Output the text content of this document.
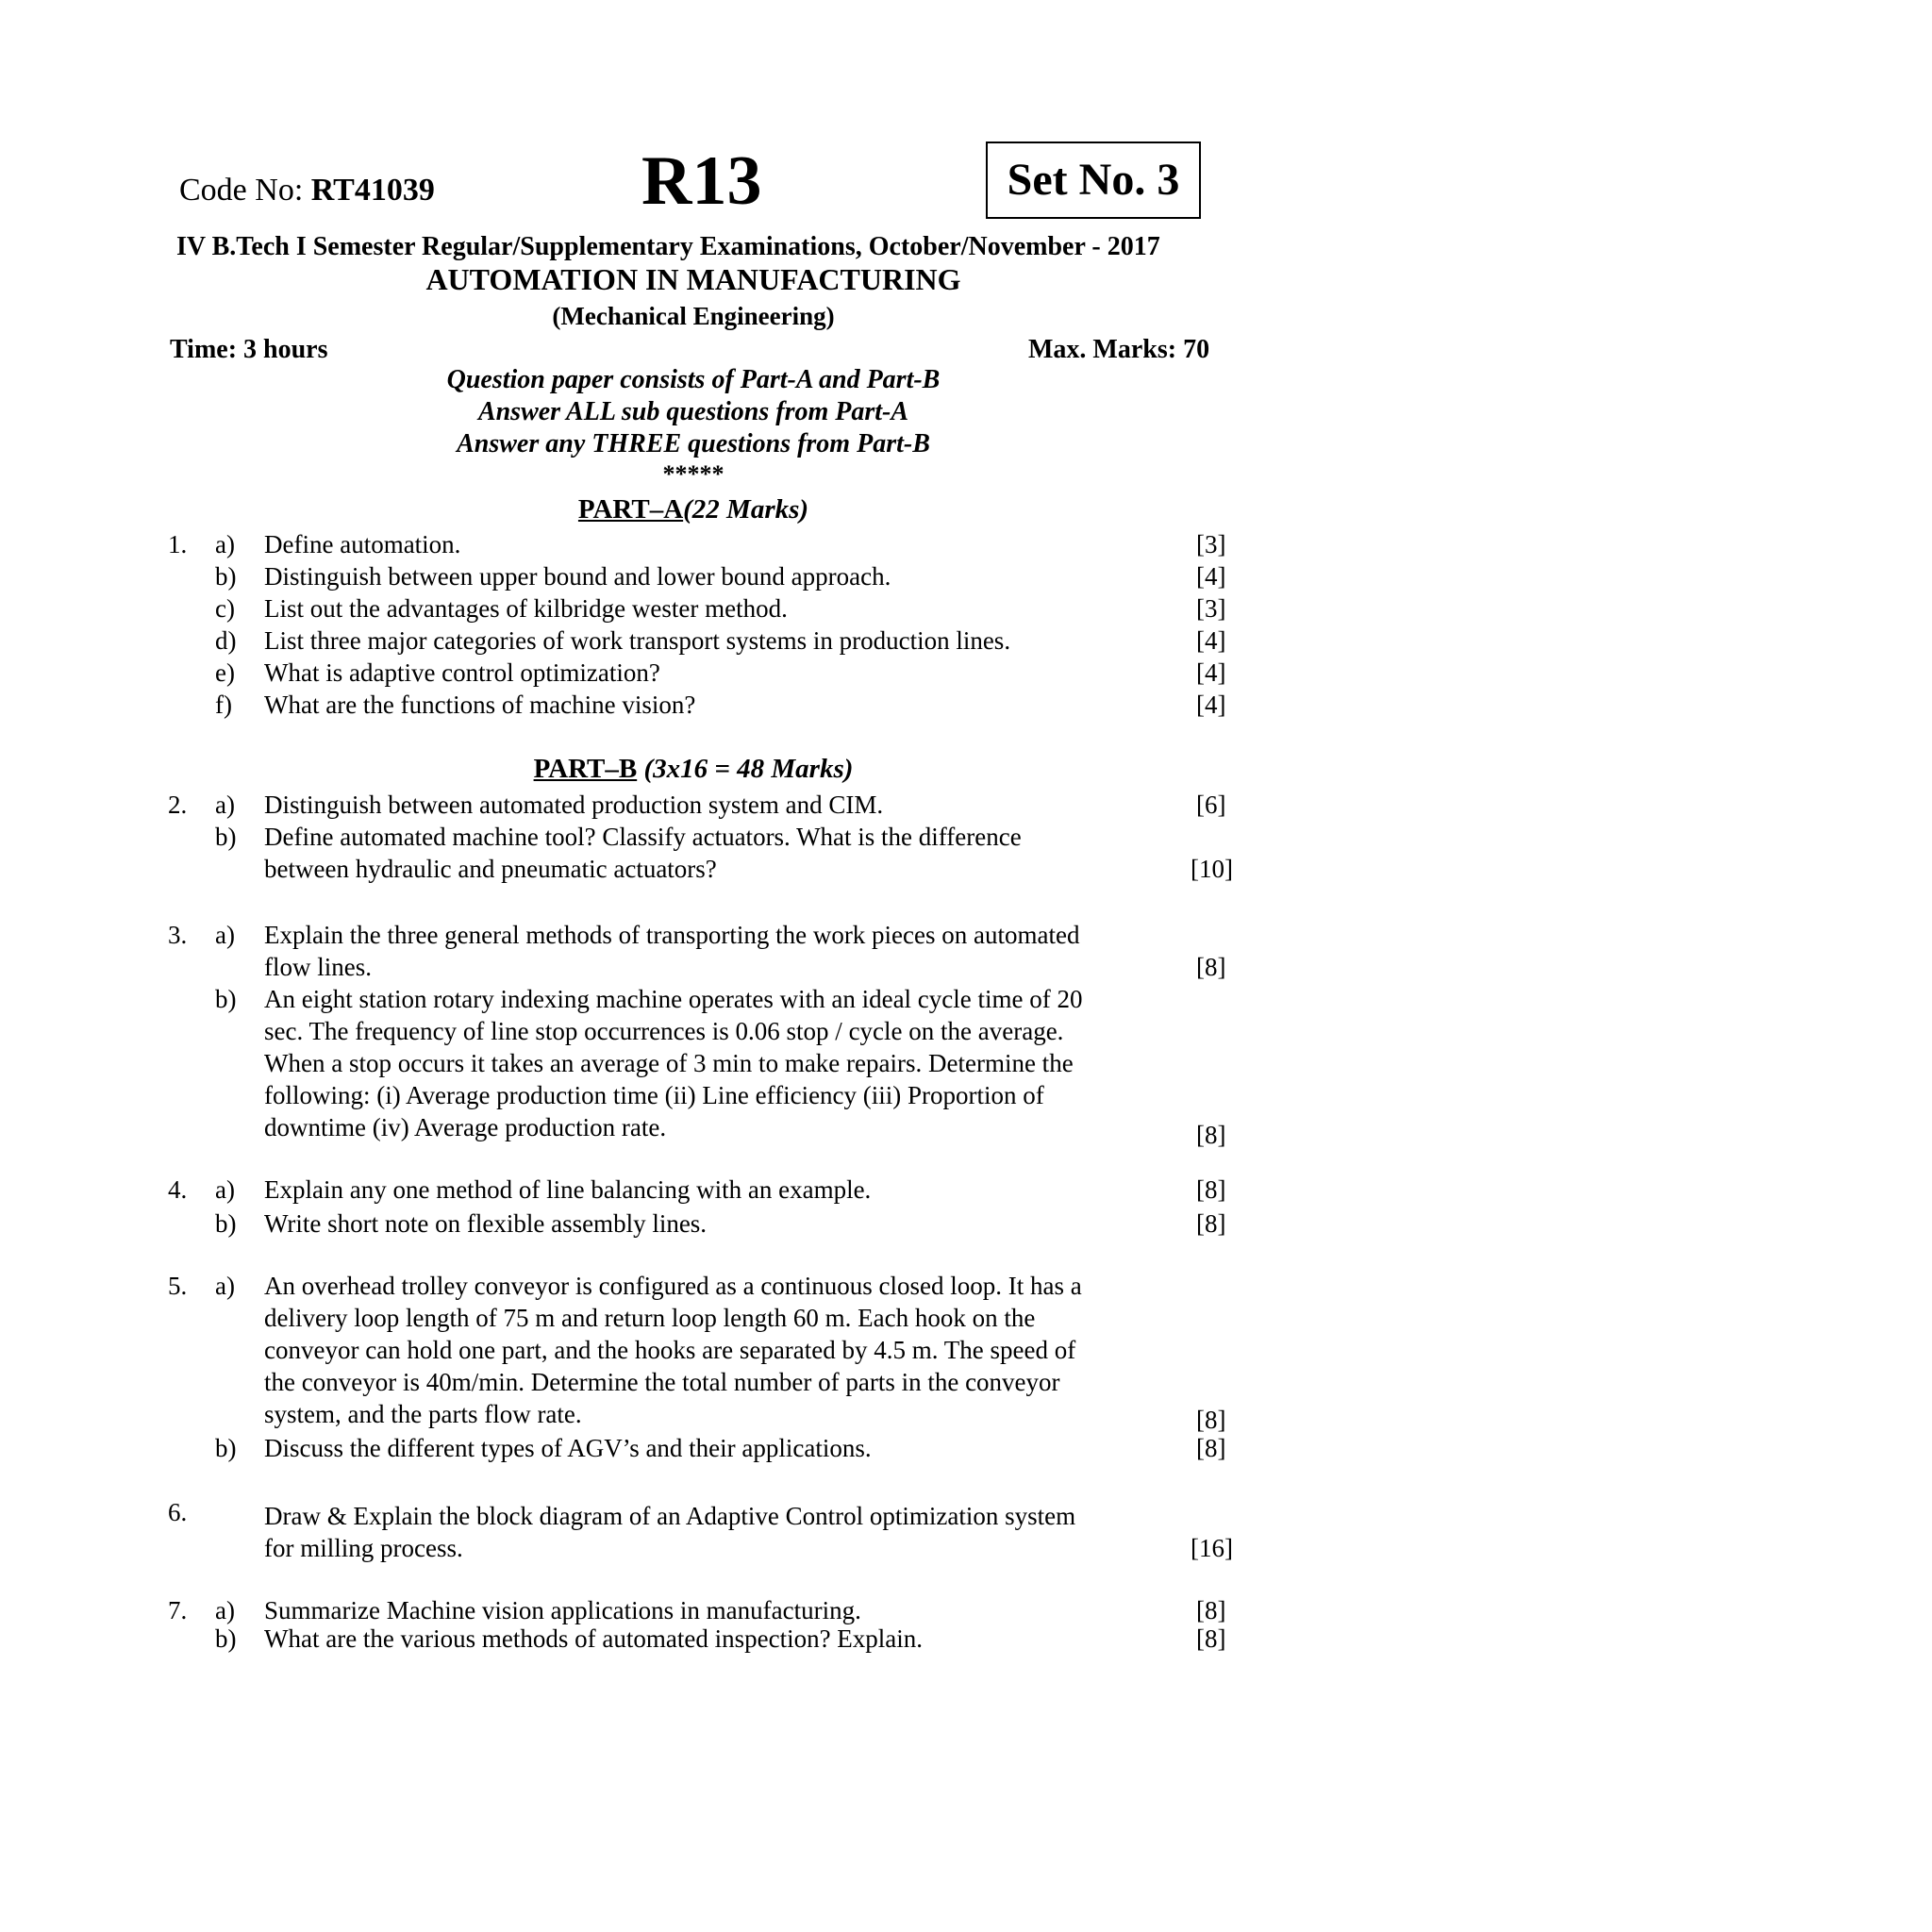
Code No: RT41039	R13	Set No. 3
IV B.Tech I Semester Regular/Supplementary Examinations, October/November - 2017
AUTOMATION IN MANUFACTURING
(Mechanical Engineering)
Time: 3 hours	Max. Marks: 70
Question paper consists of Part-A and Part-B
Answer ALL sub questions from Part-A
Answer any THREE questions from Part-B
*****
PART–A(22 Marks)
1. a) Define automation.	[3]
b) Distinguish between upper bound and lower bound approach.	[4]
c) List out the advantages of kilbridge wester method.	[3]
d) List three major categories of work transport systems in production lines.	[4]
e) What is adaptive control optimization?	[4]
f) What are the functions of machine vision?	[4]
PART–B (3x16 = 48 Marks)
2. a) Distinguish between automated production system and CIM.	[6]
b) Define automated machine tool? Classify actuators. What is the difference
between hydraulic and pneumatic actuators?	[10]
3. a) Explain the three general methods of transporting the work pieces on automated
flow lines.	[8]
b) An eight station rotary indexing machine operates with an ideal cycle time of 20
sec. The frequency of line stop occurrences is 0.06 stop / cycle on the average.
When a stop occurs it takes an average of 3 min to make repairs. Determine the
following: (i) Average production time (ii) Line efficiency (iii) Proportion of
downtime (iv) Average production rate.	[8]
4. a) Explain any one method of line balancing with an example.	[8]
b) Write short note on flexible assembly lines.	[8]
5. a) An overhead trolley conveyor is configured as a continuous closed loop. It has a
delivery loop length of 75 m and return loop length 60 m. Each hook on the
conveyor can hold one part, and the hooks are separated by 4.5 m. The speed of
the conveyor is 40m/min. Determine the total number of parts in the conveyor
system, and the parts flow rate.	[8]
b) Discuss the different types of AGV’s and their applications.	[8]
6.	Draw & Explain the block diagram of an Adaptive Control optimization system
for milling process.	[16]
7. a) Summarize Machine vision applications in manufacturing.	[8]
b) What are the various methods of automated inspection? Explain.	[8]
